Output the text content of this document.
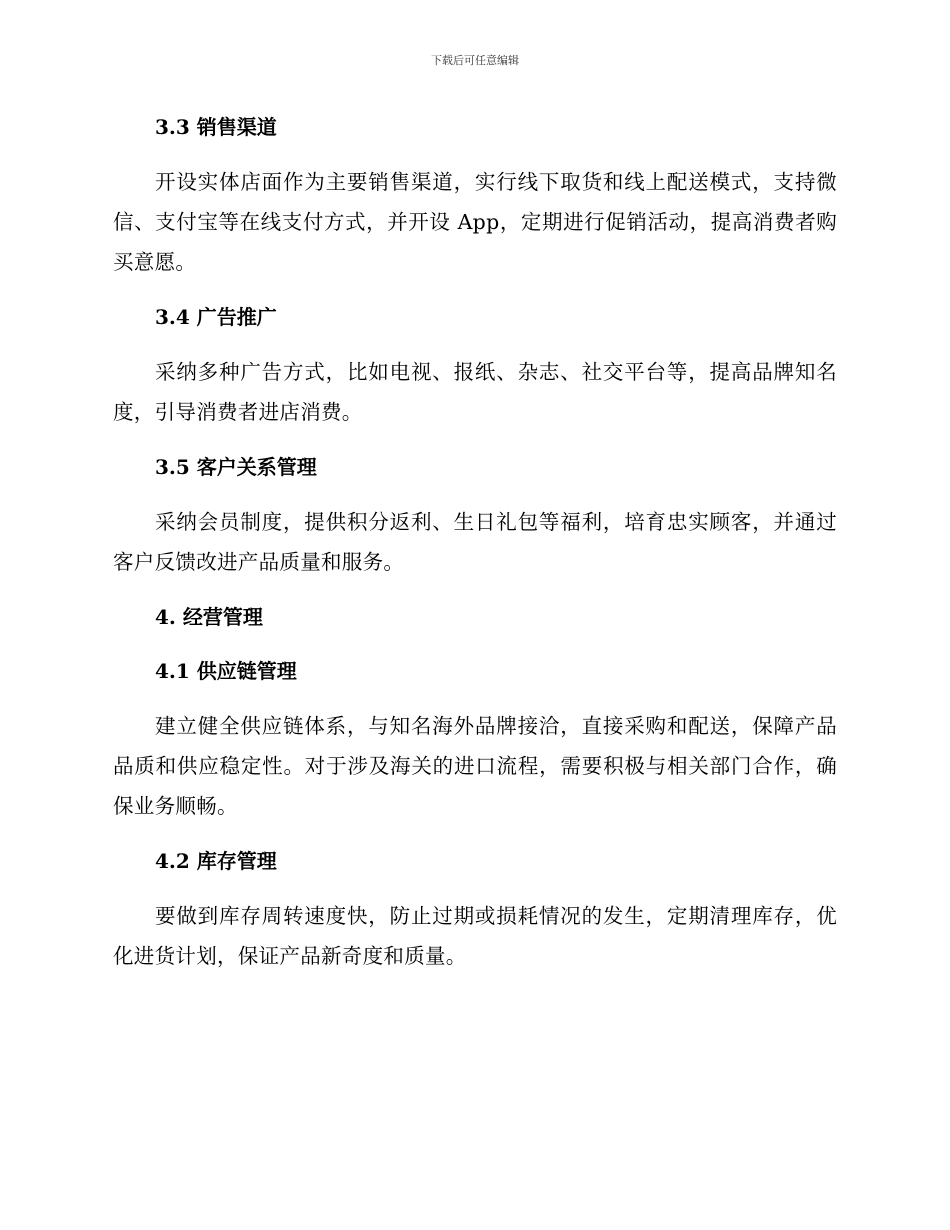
下载后可任意编辑
3.3 销售渠道

开设实体店面作为主要销售渠道，实行线下取货和线上配送模式，支持微信、支付宝等在线支付方式，并开设 App，定期进行促销活动，提高消费者购买意愿。

3.4 广告推广

采纳多种广告方式，比如电视、报纸、杂志、社交平台等，提高品牌知名度，引导消费者进店消费。

3.5 客户关系管理

采纳会员制度，提供积分返利、生日礼包等福利，培育忠实顾客，并通过客户反馈改进产品质量和服务。

4. 经营管理
4.1 供应链管理

建立健全供应链体系，与知名海外品牌接洽，直接采购和配送，保障产品品质和供应稳定性。对于涉及海关的进口流程，需要积极与相关部门合作，确保业务顺畅。

4.2 库存管理

要做到库存周转速度快，防止过期或损耗情况的发生，定期清理库存，优化进货计划，保证产品新奇度和质量。
